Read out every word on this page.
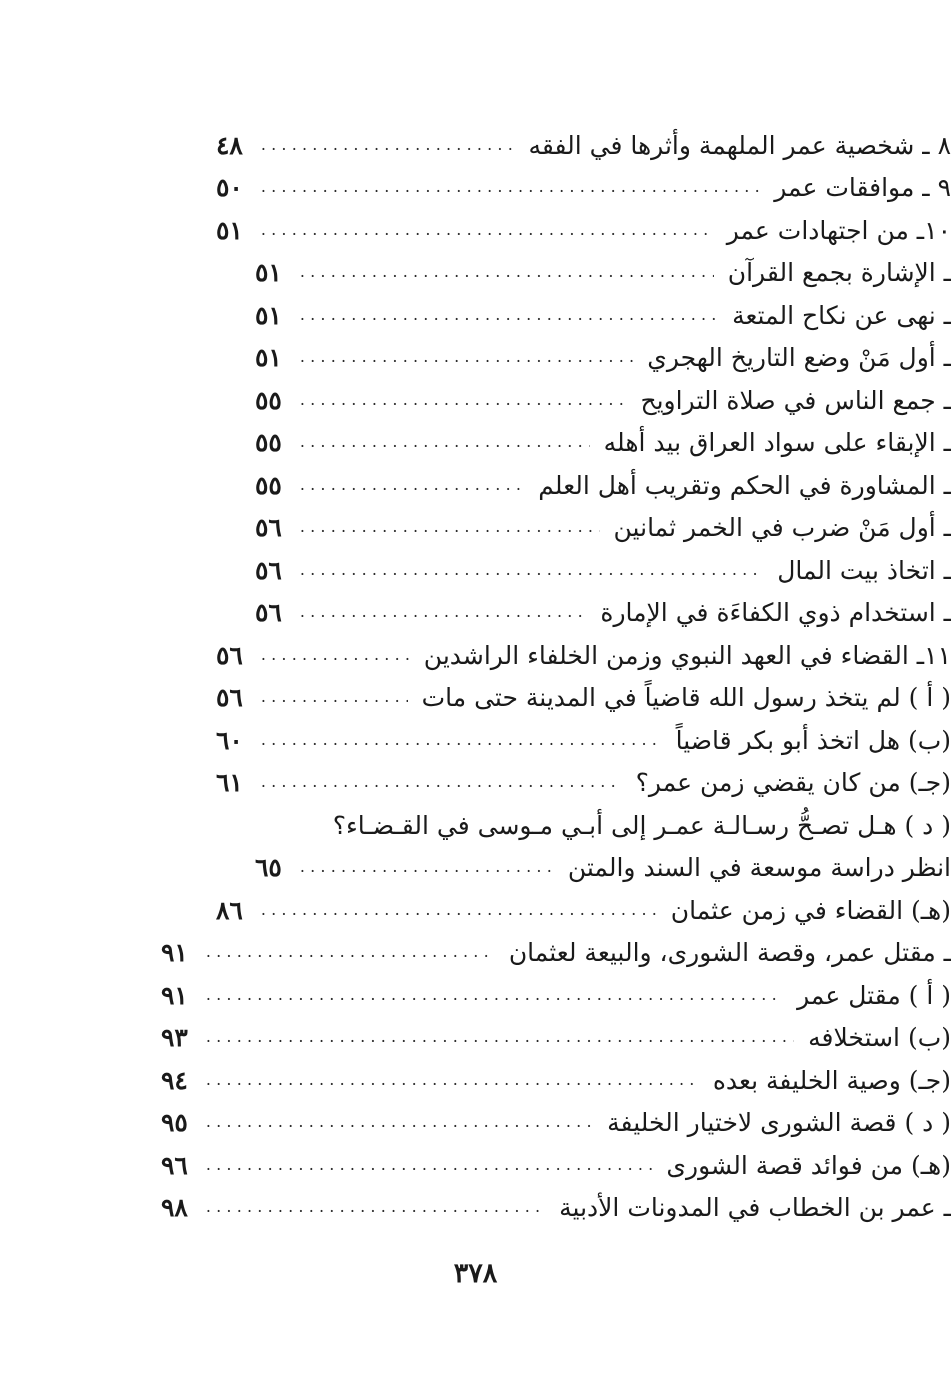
٨ ـ شخصية عمر الملهمة وأثرها في الفقه
.....
٤٨
٩ ـ موافقات عمر
.....
٥٠
١٠ـ من اجتهادات عمر
.....
٥١
ـ الإشارة بجمع القرآن
.....
٥١
ـ نهى عن نكاح المتعة
.....
٥١
ـ أول مَنْ وضع التاريخ الهجري
.....
٥١
ـ جمع الناس في صلاة التراويح
.....
٥٥
ـ الإبقاء على سواد العراق بيد أهله
.....
٥٥
ـ المشاورة في الحكم وتقريب أهل العلم
.....
٥٥
ـ أول مَنْ ضرب في الخمر ثمانين
.....
٥٦
ـ اتخاذ بيت المال
.....
٥٦
ـ استخدام ذوي الكفاءَة في الإمارة
.....
٥٦
١١ـ القضاء في العهد النبوي وزمن الخلفاء الراشدين
.....
٥٦
( أ ) لم يتخذ رسول الله قاضياً في المدينة حتى مات
.....
٥٦
(ب) هل اتخذ أبو بكر قاضياً
.....
٦٠
(جـ) من كان يقضي زمن عمر؟
.....
٦١
( د ) هـل تصـحُّ رسـالـة عمـر إلى أبـي مـوسى في القـضـاء؟
انظر دراسة موسعة في السند والمتن
.....
٦٥
(هـ) القضاء في زمن عثمان
.....
٨٦
ـ مقتل عمر، وقصة الشورى، والبيعة لعثمان
.....
٩١
( أ ) مقتل عمر
.....
٩١
(ب) استخلافه
.....
٩٣
(جـ) وصية الخليفة بعده
.....
٩٤
( د ) قصة الشورى لاختيار الخليفة
.....
٩٥
(هـ) من فوائد قصة الشورى
.....
٩٦
ـ عمر بن الخطاب في المدونات الأدبية
.....
٩٨
٣٧٨
